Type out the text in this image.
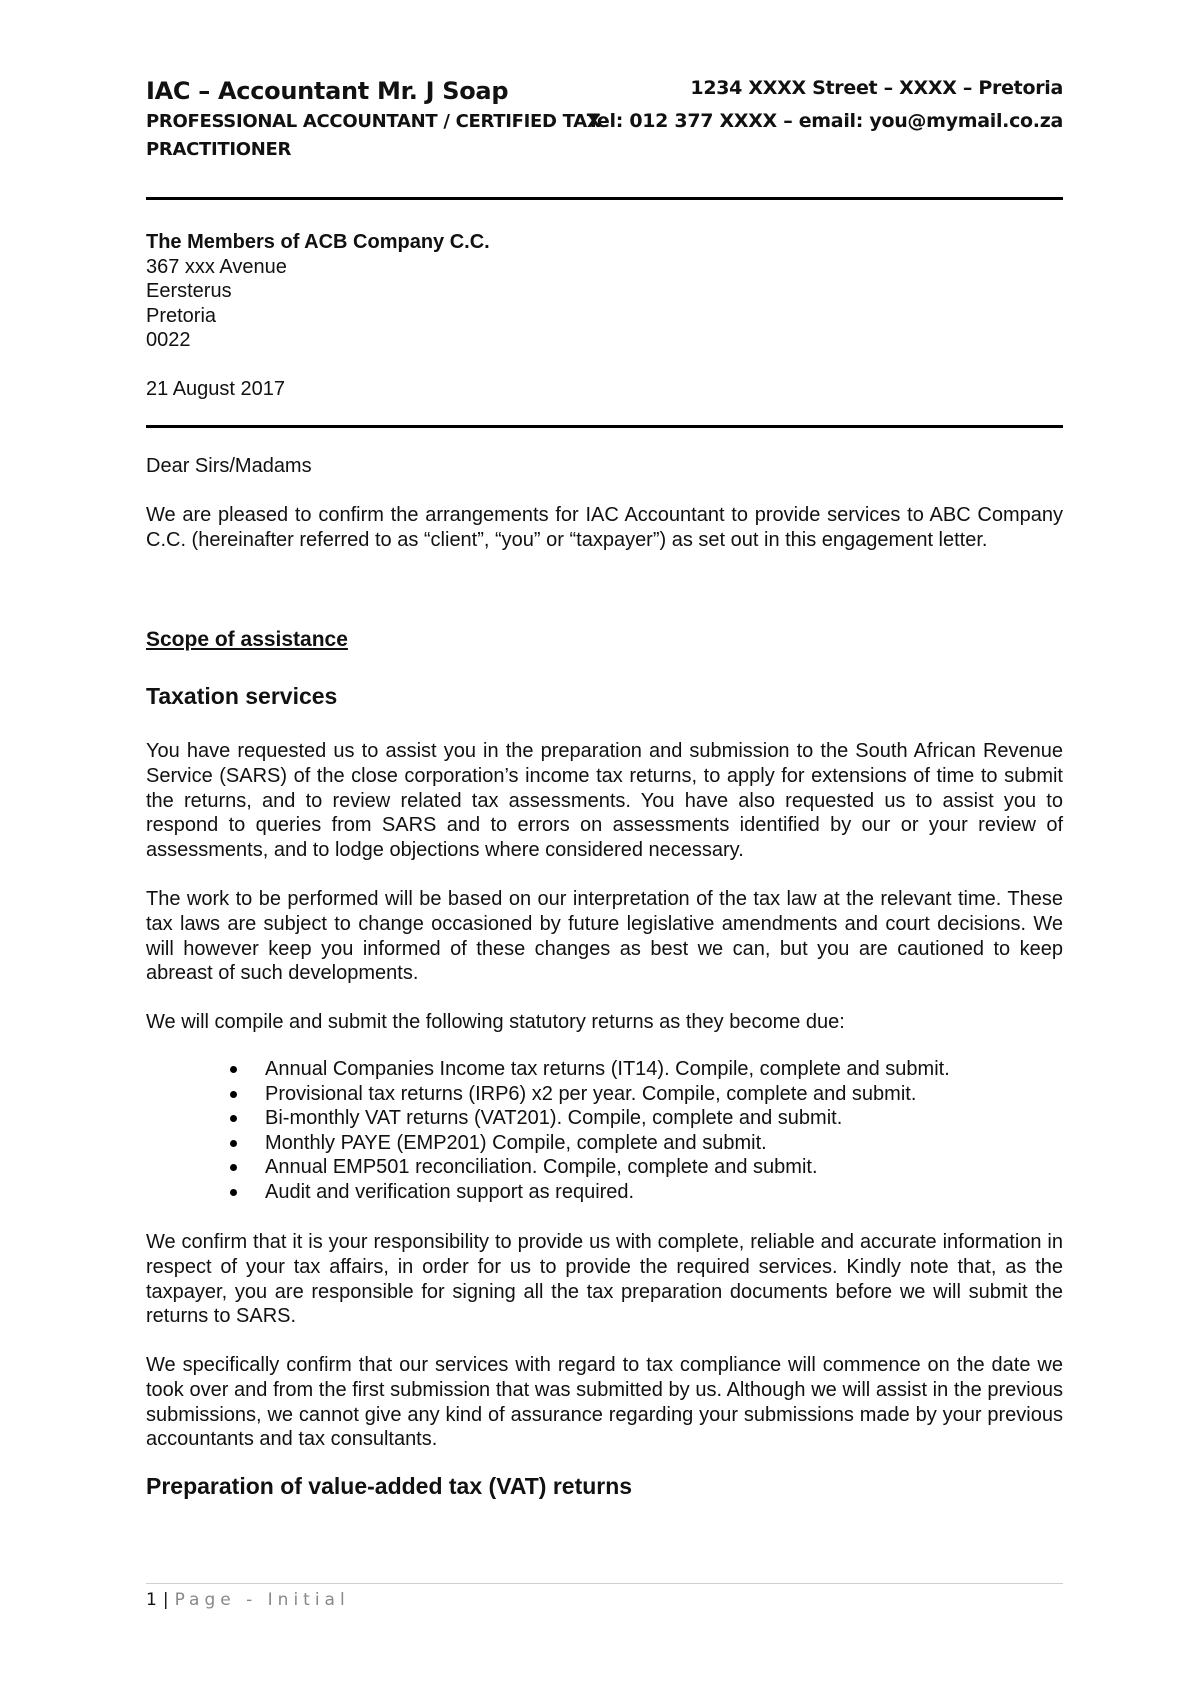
IAC – Accountant Mr. J Soap
PROFESSIONAL ACCOUNTANT / CERTIFIED TAX PRACTITIONER
1234 XXXX Street – XXXX – Pretoria
Tel: 012 377 XXXX – email: you@mymail.co.za
The Members of ACB Company C.C.
367 xxx Avenue
Eersterus
Pretoria
0022
21 August 2017
Dear Sirs/Madams
We are pleased to confirm the arrangements for IAC Accountant to provide services to ABC Company C.C. (hereinafter referred to as “client”, “you” or “taxpayer”) as set out in this engagement letter.
Scope of assistance
Taxation services
You have requested us to assist you in the preparation and submission to the South African Revenue Service (SARS) of the close corporation’s income tax returns, to apply for extensions of time to submit the returns, and to review related tax assessments. You have also requested us to assist you to respond to queries from SARS and to errors on assessments identified by our or your review of assessments, and to lodge objections where considered necessary.
The work to be performed will be based on our interpretation of the tax law at the relevant time. These tax laws are subject to change occasioned by future legislative amendments and court decisions. We will however keep you informed of these changes as best we can, but you are cautioned to keep abreast of such developments.
We will compile and submit the following statutory returns as they become due:
Annual Companies Income tax returns (IT14). Compile, complete and submit.
Provisional tax returns (IRP6) x2 per year. Compile, complete and submit.
Bi-monthly VAT returns (VAT201). Compile, complete and submit.
Monthly PAYE (EMP201) Compile, complete and submit.
Annual EMP501 reconciliation. Compile, complete and submit.
Audit and verification support as required.
We confirm that it is your responsibility to provide us with complete, reliable and accurate information in respect of your tax affairs, in order for us to provide the required services. Kindly note that, as the taxpayer, you are responsible for signing all the tax preparation documents before we will submit the returns to SARS.
We specifically confirm that our services with regard to tax compliance will commence on the date we took over and from the first submission that was submitted by us. Although we will assist in the previous submissions, we cannot give any kind of assurance regarding your submissions made by your previous accountants and tax consultants.
Preparation of value-added tax (VAT) returns
1 | Page - Initial
